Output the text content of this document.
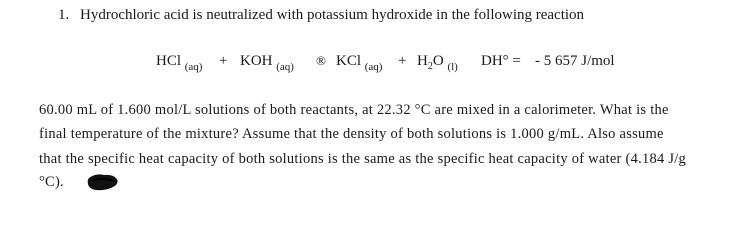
1. Hydrochloric acid is neutralized with potassium hydroxide in the following reaction
HCl $_{(aq)}$ + KOH $_{(aq)}$ ® KCl $_{(aq)} + H_2O$ $_{(l)}$ DH° = - 5 657 J/mol
60.00 mL of 1.600 mol/L solutions of both reactants, at 22.32 °C are mixed in a calorimeter. What is the
final temperature of the mixture? Assume that the density of both solutions is 1.000 g/mL. Also assume
that the specific heat capacity of both solutions is the same as the specific heat capacity of water (4.184 J/g
°C).
